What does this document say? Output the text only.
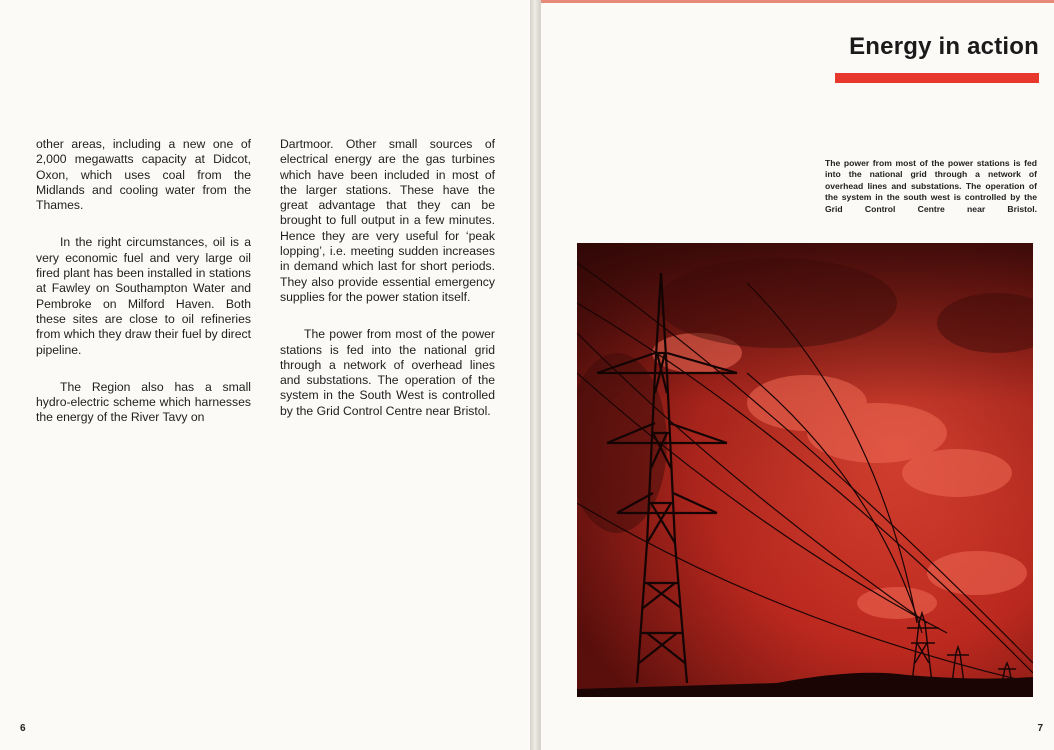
other areas, including a new one of 2,000 megawatts capacity at Didcot, Oxon, which uses coal from the Midlands and cooling water from the Thames.

In the right circumstances, oil is a very economic fuel and very large oil fired plant has been installed in stations at Fawley on Southampton Water and Pembroke on Milford Haven. Both these sites are close to oil refineries from which they draw their fuel by direct pipeline.

The Region also has a small hydro-electric scheme which harnesses the energy of the River Tavy on

Dartmoor. Other small sources of electrical energy are the gas turbines which have been included in most of the larger stations. These have the great advantage that they can be brought to full output in a few minutes. Hence they are very useful for ‘peak lopping’, i.e. meeting sudden increases in demand which last for short periods. They also provide essential emergency supplies for the power station itself.

The power from most of the power stations is fed into the national grid through a network of overhead lines and substations. The operation of the system in the South West is controlled by the Grid Control Centre near Bristol.

6
Energy in action

The power from most of the power stations is fed into the national grid through a network of overhead lines and substations. The operation of the system in the south west is controlled by the Grid Control Centre near Bristol.

7
